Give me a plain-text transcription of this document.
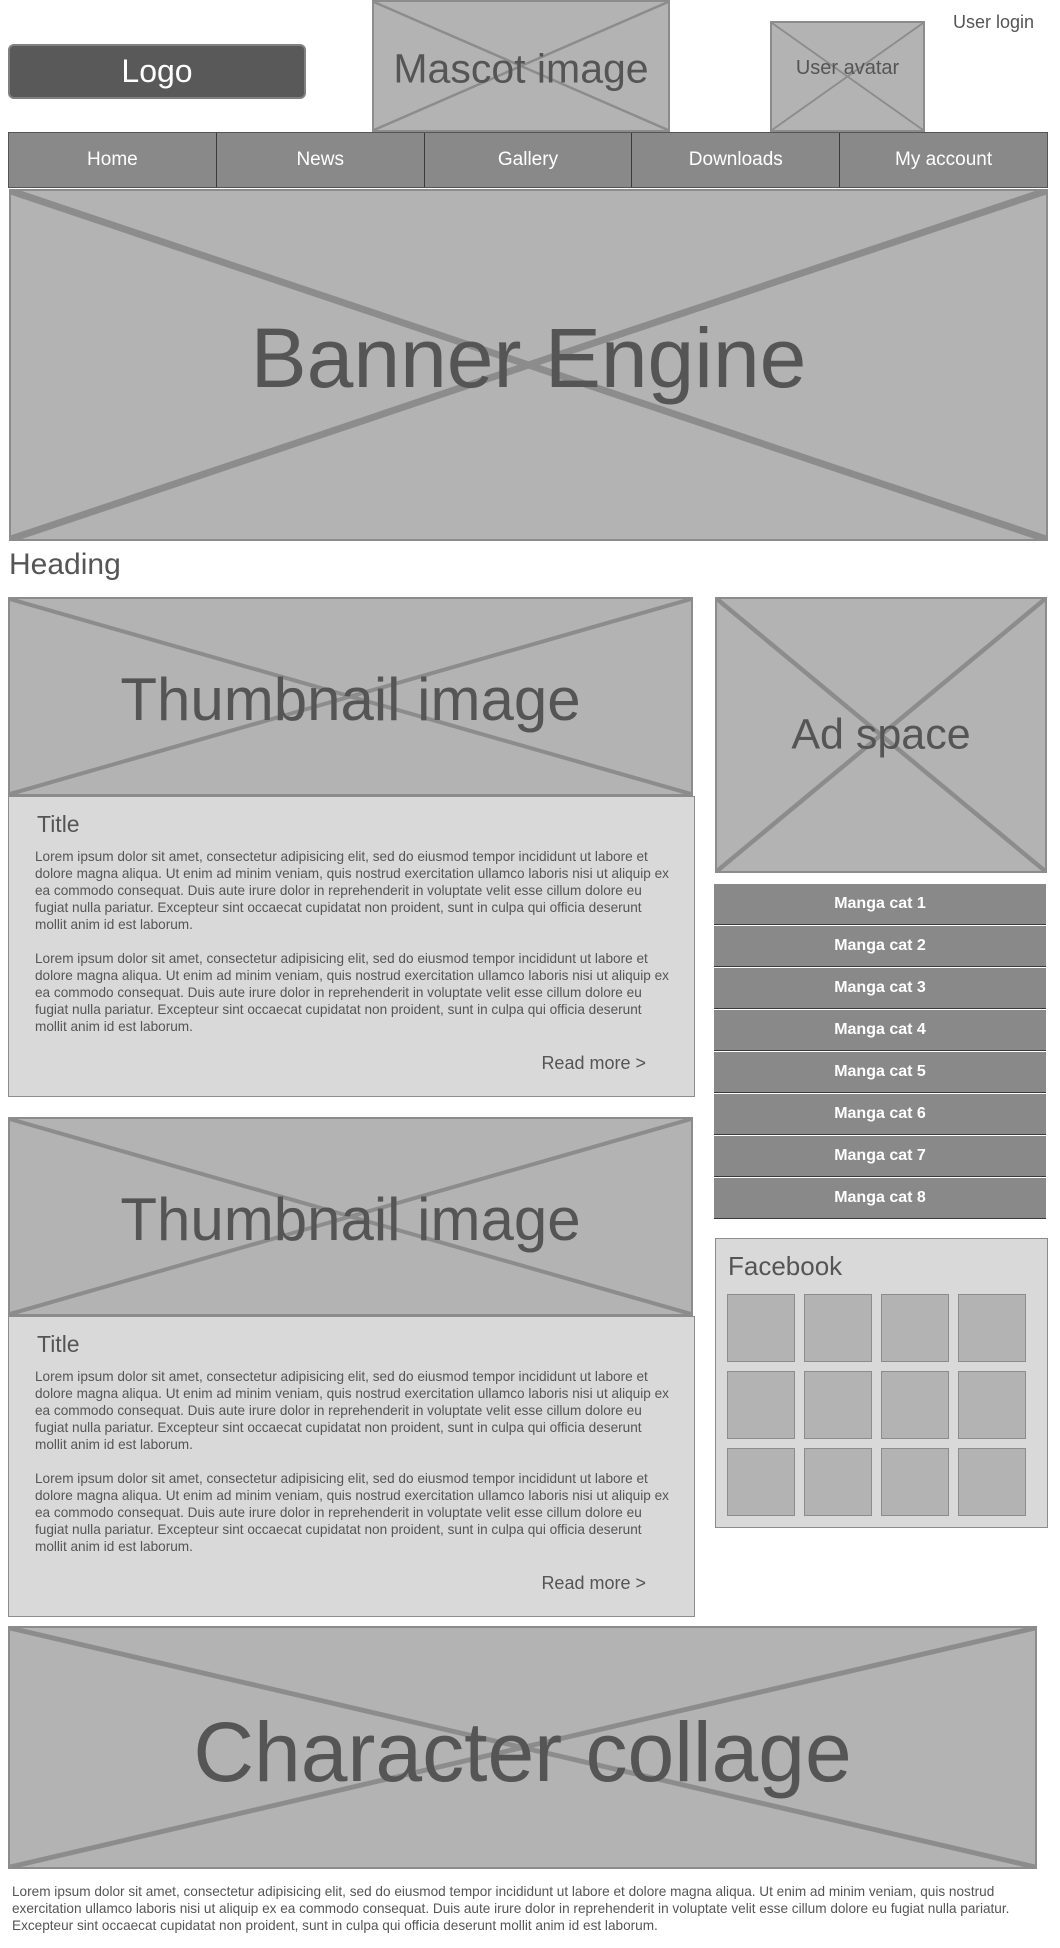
Logo	Mascot image	User avatar
User login
Home	News	Gallery	Downloads	My account
Banner Engine
Heading
Thumbnail image
Title

Lorem ipsum dolor sit amet, consectetur adipisicing elit, sed do eiusmod tempor incididunt ut labore et dolore magna aliqua. Ut enim ad minim veniam, quis nostrud exercitation ullamco laboris nisi ut aliquip ex ea commodo consequat. Duis aute irure dolor in reprehenderit in voluptate velit esse cillum dolore eu fugiat nulla pariatur. Excepteur sint occaecat cupidatat non proident, sunt in culpa qui officia deserunt mollit anim id est laborum.

Lorem ipsum dolor sit amet, consectetur adipisicing elit, sed do eiusmod tempor incididunt ut labore et dolore magna aliqua. Ut enim ad minim veniam, quis nostrud exercitation ullamco laboris nisi ut aliquip ex ea commodo consequat. Duis aute irure dolor in reprehenderit in voluptate velit esse cillum dolore eu fugiat nulla pariatur. Excepteur sint occaecat cupidatat non proident, sunt in culpa qui officia deserunt mollit anim id est laborum.

Read more >
Thumbnail image
Title

Lorem ipsum dolor sit amet, consectetur adipisicing elit, sed do eiusmod tempor incididunt ut labore et dolore magna aliqua. Ut enim ad minim veniam, quis nostrud exercitation ullamco laboris nisi ut aliquip ex ea commodo consequat. Duis aute irure dolor in reprehenderit in voluptate velit esse cillum dolore eu fugiat nulla pariatur. Excepteur sint occaecat cupidatat non proident, sunt in culpa qui officia deserunt mollit anim id est laborum.

Lorem ipsum dolor sit amet, consectetur adipisicing elit, sed do eiusmod tempor incididunt ut labore et dolore magna aliqua. Ut enim ad minim veniam, quis nostrud exercitation ullamco laboris nisi ut aliquip ex ea commodo consequat. Duis aute irure dolor in reprehenderit in voluptate velit esse cillum dolore eu fugiat nulla pariatur. Excepteur sint occaecat cupidatat non proident, sunt in culpa qui officia deserunt mollit anim id est laborum.

Read more >
Ad space
Manga cat 1
Manga cat 2
Manga cat 3
Manga cat 4
Manga cat 5
Manga cat 6
Manga cat 7
Manga cat 8
Facebook
Character collage

Lorem ipsum dolor sit amet, consectetur adipisicing elit, sed do eiusmod tempor incididunt ut labore et dolore magna aliqua. Ut enim ad minim veniam, quis nostrud exercitation ullamco laboris nisi ut aliquip ex ea commodo consequat. Duis aute irure dolor in reprehenderit in voluptate velit esse cillum dolore eu fugiat nulla pariatur. Excepteur sint occaecat cupidatat non proident, sunt in culpa qui officia deserunt mollit anim id est laborum.
